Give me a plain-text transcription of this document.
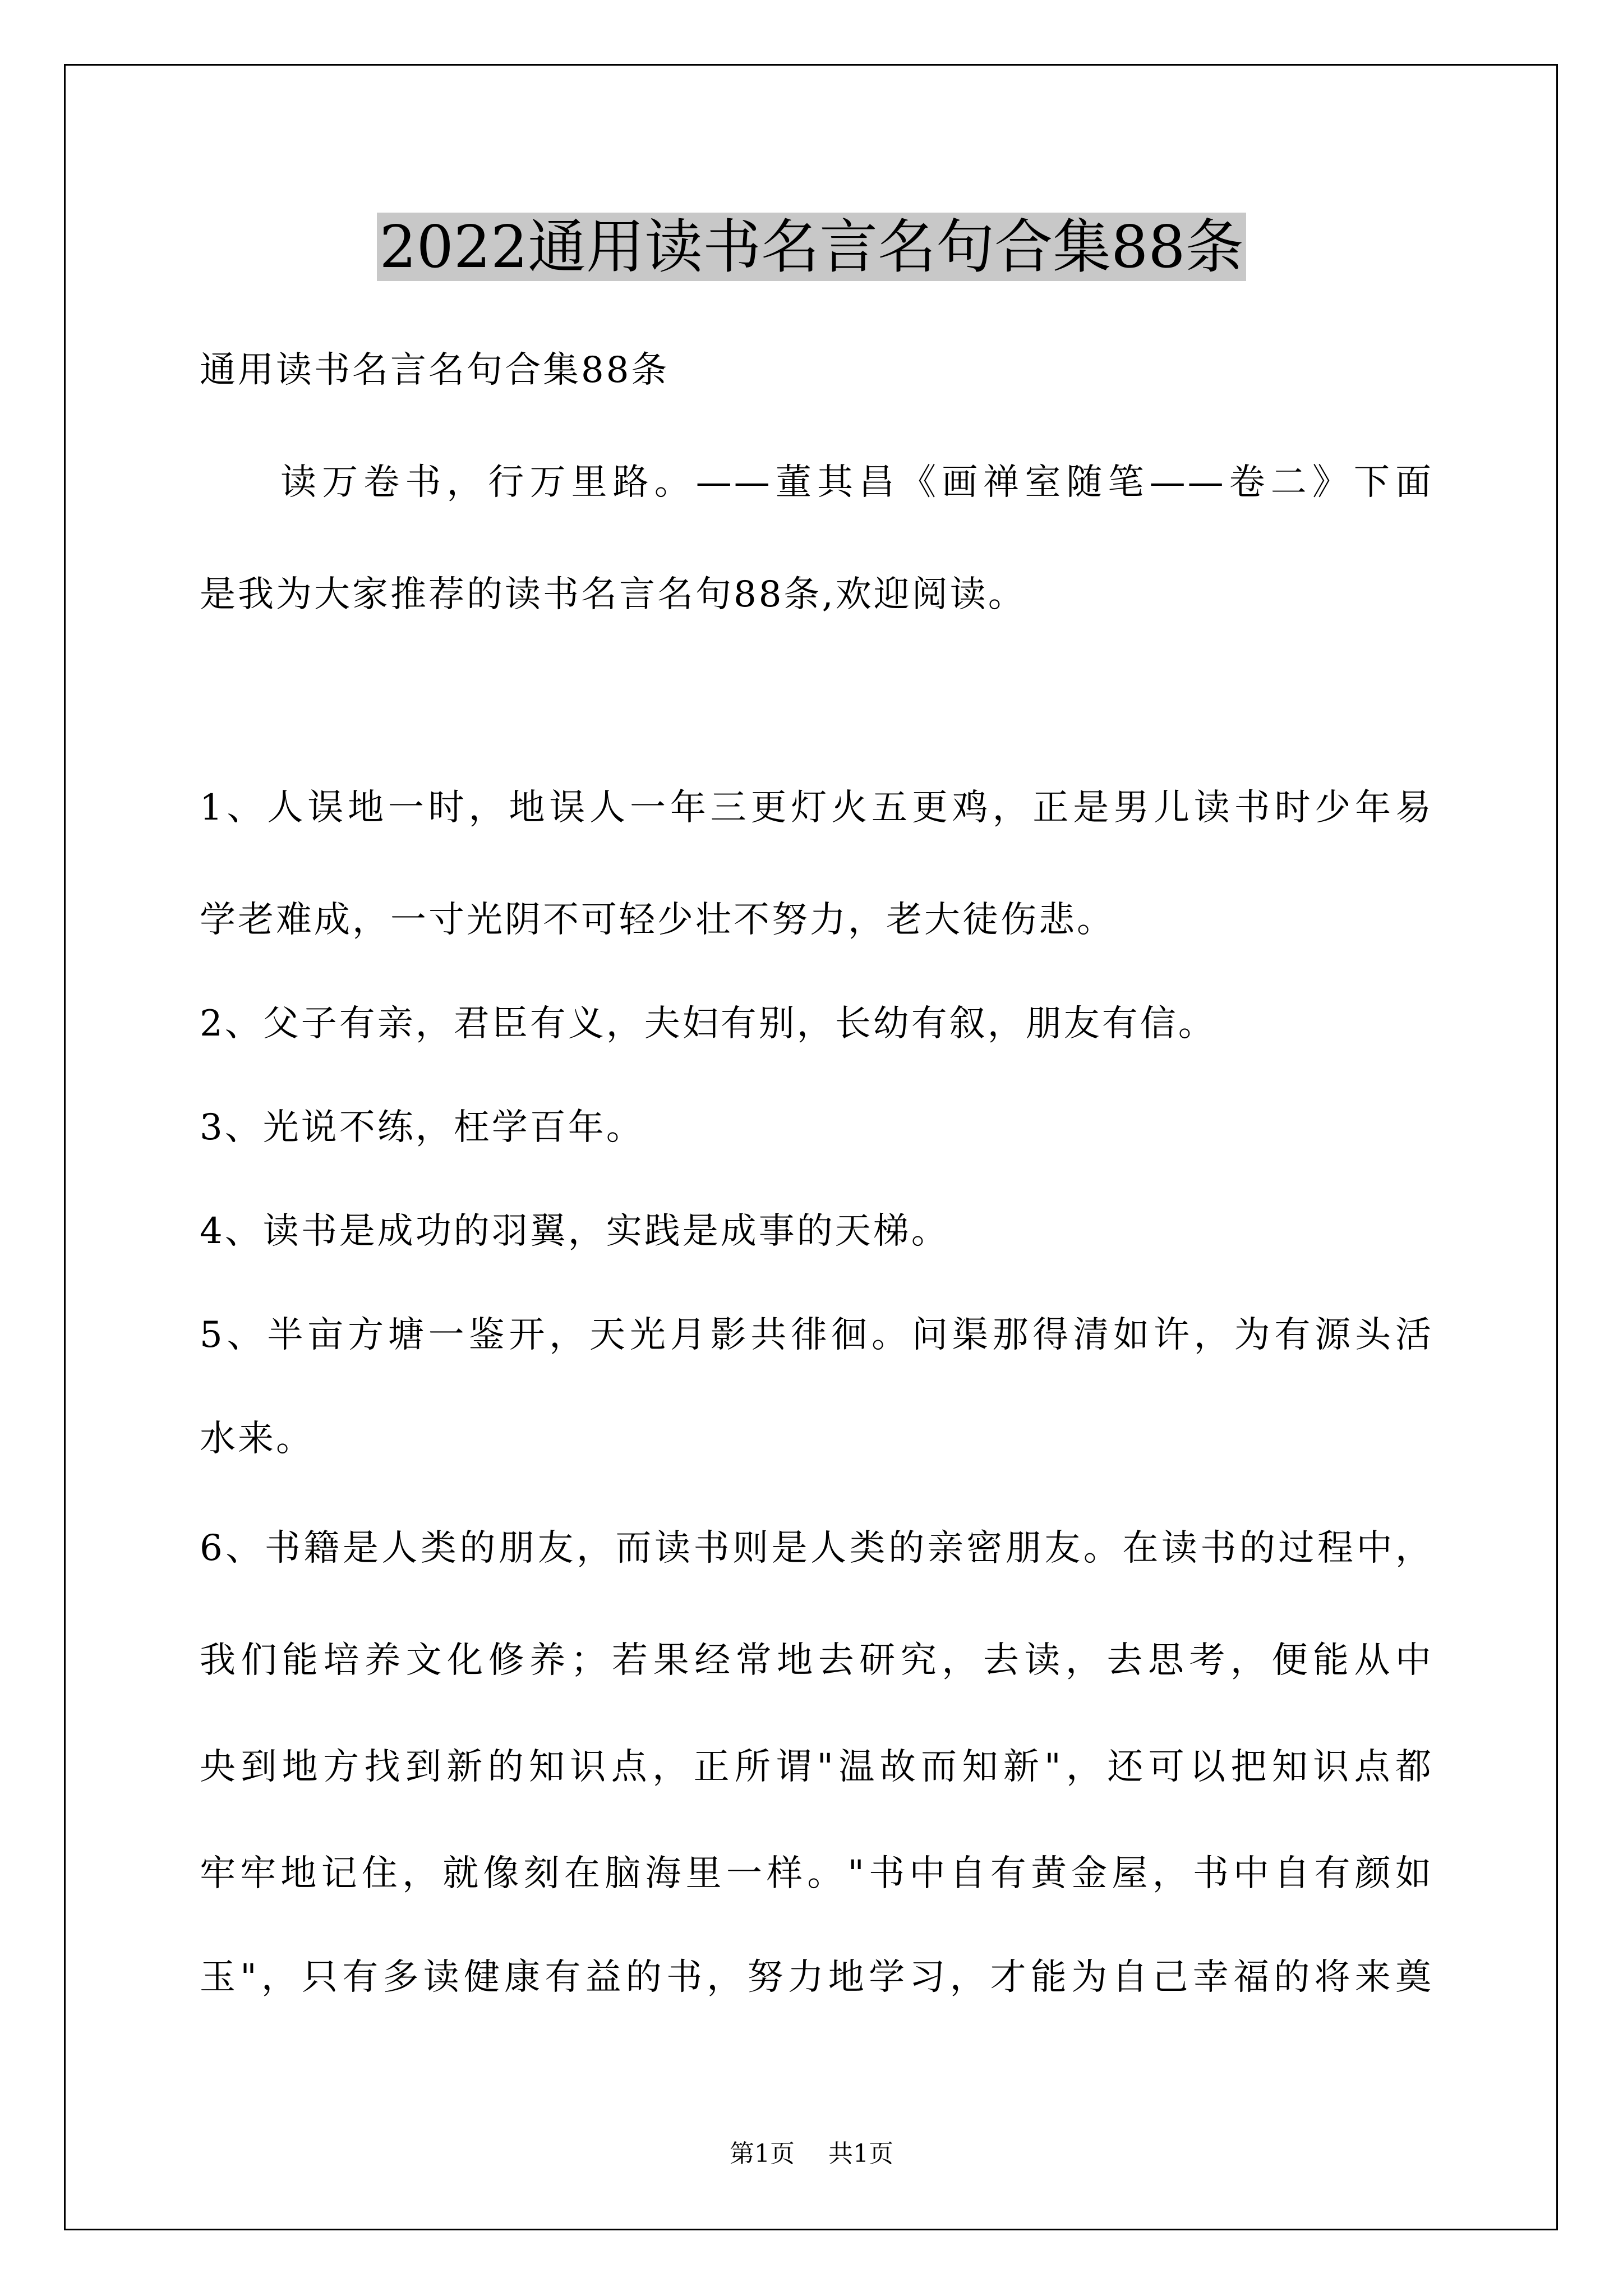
2022通用读书名言名句合集88条

通用读书名言名句合集88条

读万卷书，行万里路。——董其昌《画禅室随笔——卷二》下面

是我为大家推荐的读书名言名句88条,欢迎阅读。

1、人误地一时，地误人一年三更灯火五更鸡，正是男儿读书时少年易

学老难成，一寸光阴不可轻少壮不努力，老大徒伤悲。

2、父子有亲，君臣有义，夫妇有别，长幼有叙，朋友有信。

3、光说不练，枉学百年。

4、读书是成功的羽翼，实践是成事的天梯。

5、半亩方塘一鉴开，天光月影共徘徊。问渠那得清如许，为有源头活

水来。

6、书籍是人类的朋友，而读书则是人类的亲密朋友。在读书的过程中，

我们能培养文化修养；若果经常地去研究，去读，去思考，便能从中

央到地方找到新的知识点，正所谓"温故而知新"，还可以把知识点都

牢牢地记住，就像刻在脑海里一样。"书中自有黄金屋，书中自有颜如

玉"，只有多读健康有益的书，努力地学习，才能为自己幸福的将来奠

第1页 共1页
